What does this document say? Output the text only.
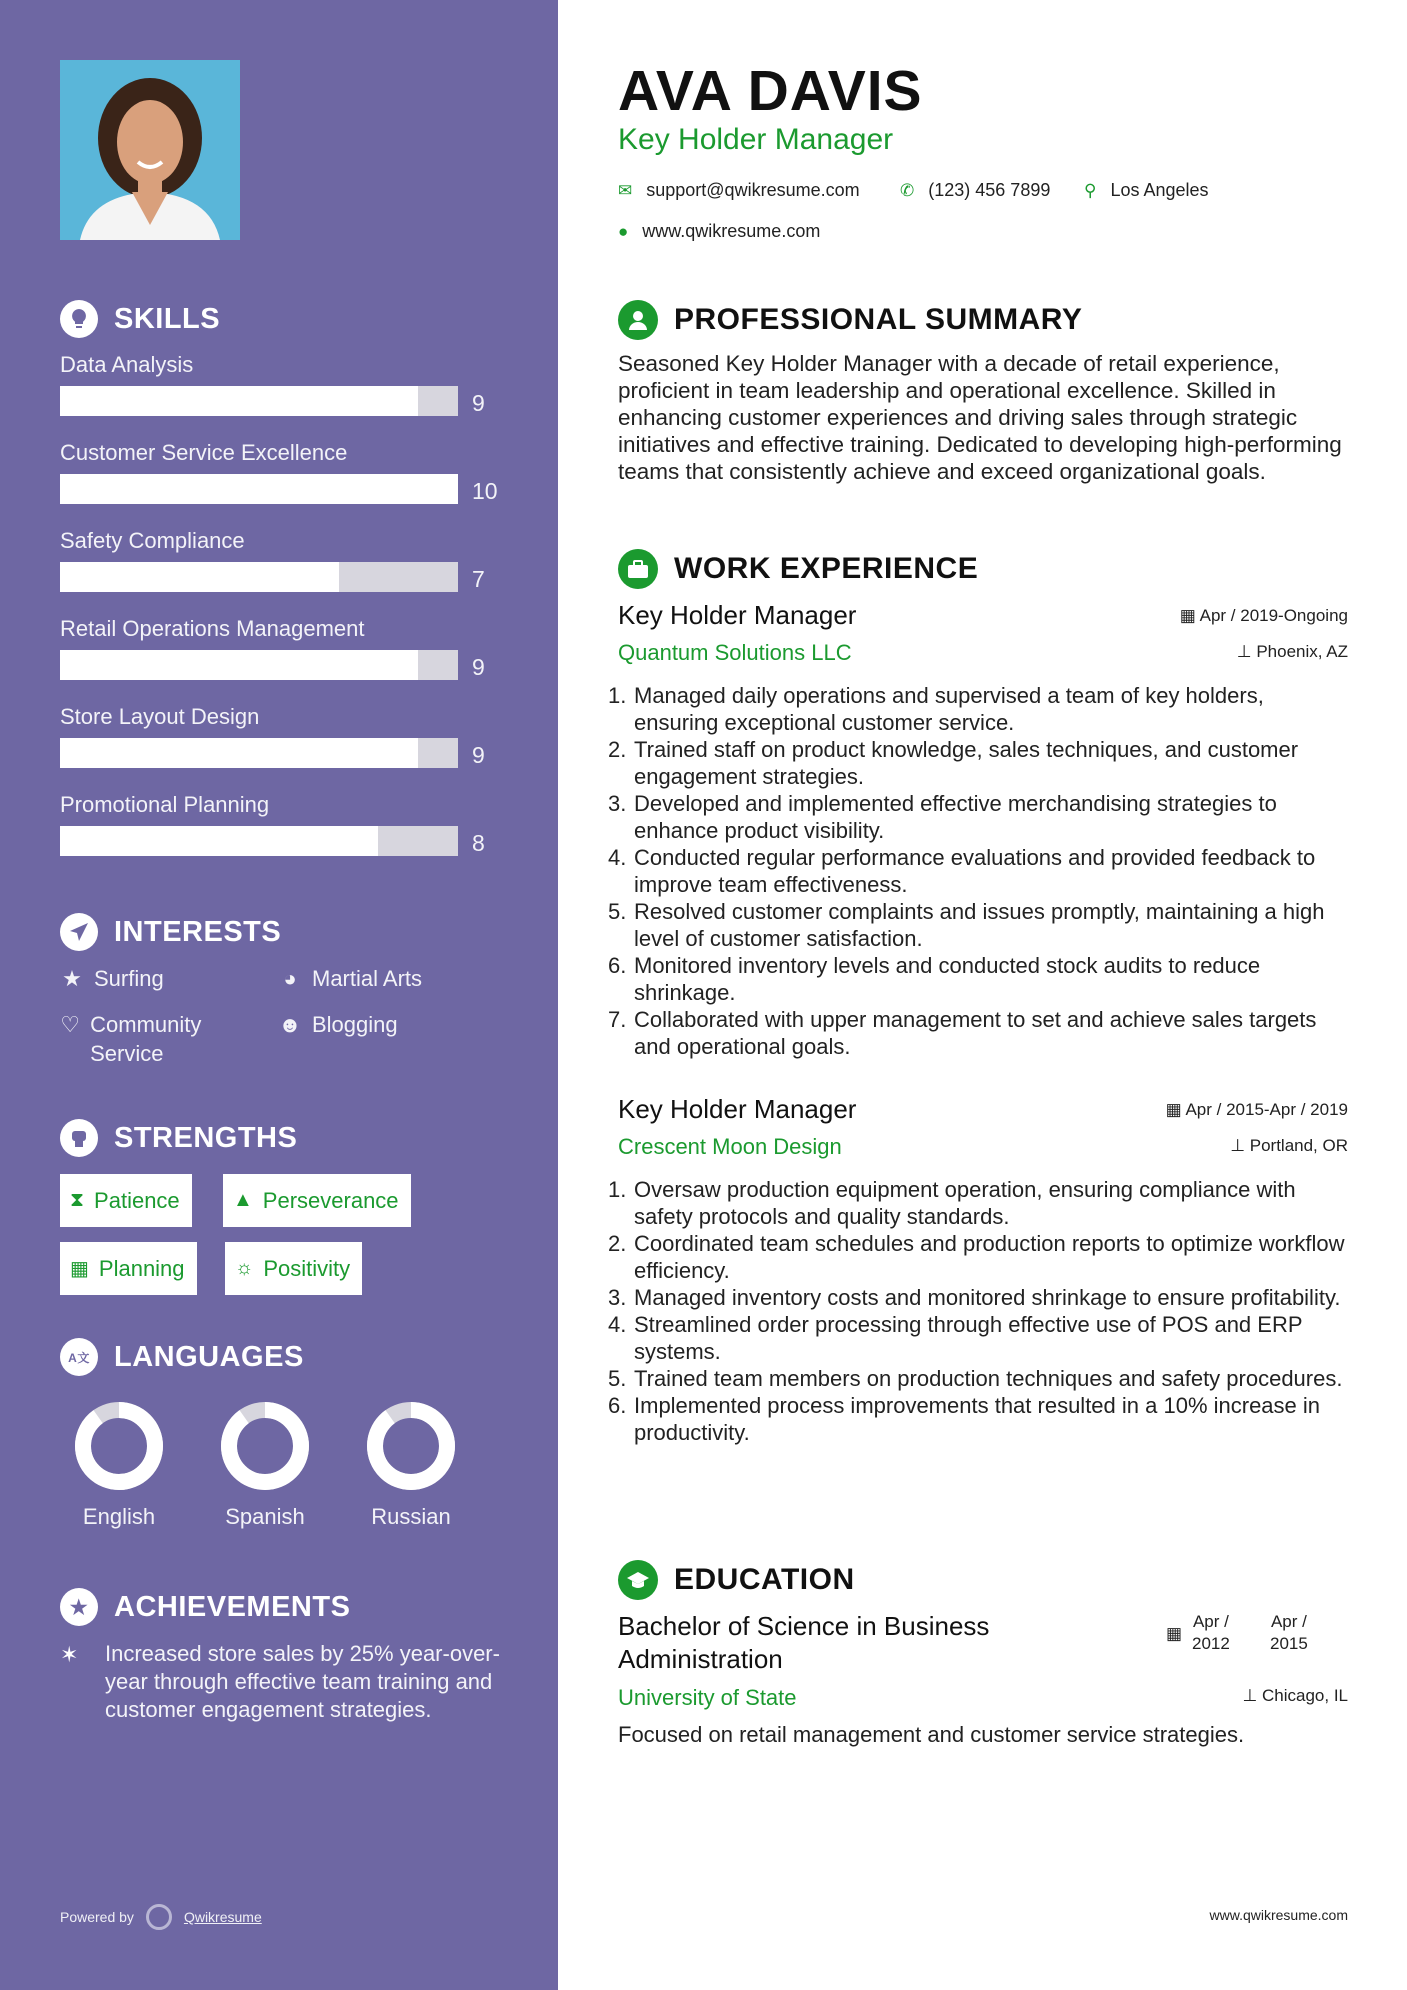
SKILLS
Data Analysis
9
Customer Service Excellence
10
Safety Compliance
7
Retail Operations Management
9
Store Layout Design
9
Promotional Planning
8
INTERESTS
★ Surfing	◕ Martial Arts
♡ Community Service
☻ Blogging
STRENGTHS
⧗ Patience	▲ Perseverance
▦ Planning	☼ Positivity
A文 LANGUAGES
English	Spanish	Russian
★ ACHIEVEMENTS
✶ Increased store sales by 25% year-over-year through effective team training and customer engagement strategies.
Powered by	Qwikresume
AVA DAVIS
Key Holder Manager
✉ support@qwikresume.com ✆ (123) 456 7899 ⚲ Los Angeles
● www.qwikresume.com
PROFESSIONAL SUMMARY
Seasoned Key Holder Manager with a decade of retail experience, proficient in team leadership and operational excellence. Skilled in enhancing customer experiences and driving sales through strategic initiatives and effective training. Dedicated to developing high-performing teams that consistently achieve and exceed organizational goals.
WORK EXPERIENCE
Key Holder Manager
Quantum Solutions LLC
▦ Apr / 2019-Ongoing
⊥ Phoenix, AZ
1. Managed daily operations and supervised a team of key holders, ensuring exceptional customer service.
2. Trained staff on product knowledge, sales techniques, and customer engagement strategies.
3. Developed and implemented effective merchandising strategies to enhance product visibility.
4. Conducted regular performance evaluations and provided feedback to improve team effectiveness.
5. Resolved customer complaints and issues promptly, maintaining a high level of customer satisfaction.
6. Monitored inventory levels and conducted stock audits to reduce shrinkage.
7. Collaborated with upper management to set and achieve sales targets and operational goals.
Key Holder Manager
Crescent Moon Design
▦ Apr / 2015-Apr / 2019
⊥ Portland, OR
1. Oversaw production equipment operation, ensuring compliance with safety protocols and quality standards.
2. Coordinated team schedules and production reports to optimize workflow efficiency.
3. Managed inventory costs and monitored shrinkage to ensure profitability.
4. Streamlined order processing through effective use of POS and ERP systems.
5. Trained team members on production techniques and safety procedures.
6. Implemented process improvements that resulted in a 10% increase in productivity.
EDUCATION
Bachelor of Science in Business Administration
University of State
▦
Apr /
2012
Apr /
2015
⊥ Chicago, IL
Focused on retail management and customer service strategies.
www.qwikresume.com
